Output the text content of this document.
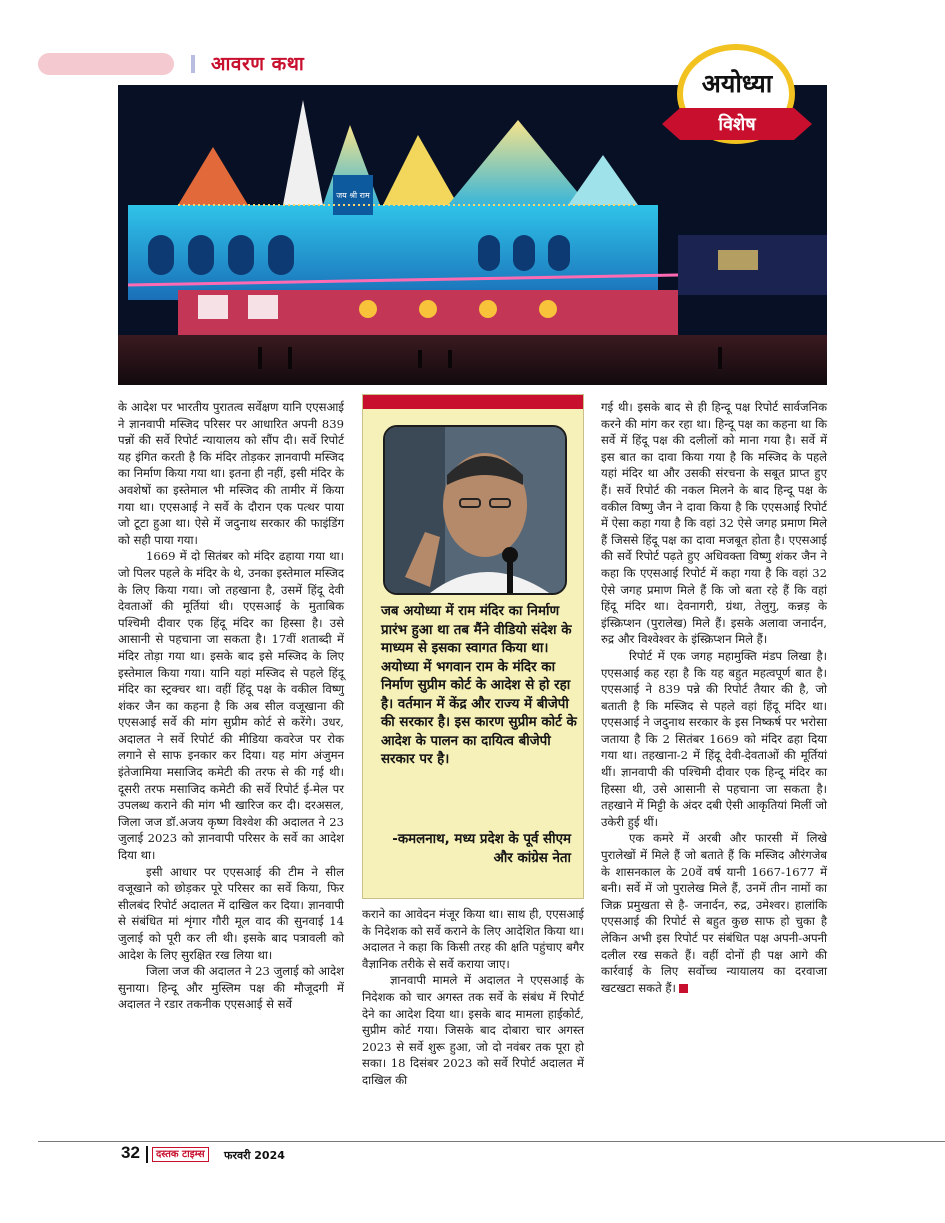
आवरण कथा
जय श्री राम
अयोध्या
विशेष

के आदेश पर भारतीय पुरातत्व सर्वेक्षण यानि एएसआई ने ज्ञानवापी मस्जिद परिसर पर आधारित अपनी 839 पन्नों की सर्वे रिपोर्ट न्यायालय को सौंप दी। सर्वे रिपोर्ट यह इंगित करती है कि मंदिर तोड़कर ज्ञानवापी मस्जिद का निर्माण किया गया था। इतना ही नहीं, इसी मंदिर के अवशेषों का इस्तेमाल भी मस्जिद की तामीर में किया गया था। एएसआई ने सर्वे के दौरान एक पत्थर पाया जो टूटा हुआ था। ऐसे में जदुनाथ सरकार की फाइंडिंग को सही पाया गया।

1669 में दो सितंबर को मंदिर ढहाया गया था। जो पिलर पहले के मंदिर के थे, उनका इस्तेमाल मस्जिद के लिए किया गया। जो तहखाना है, उसमें हिंदू देवी देवताओं की मूर्तियां थी। एएसआई के मुताबिक पश्चिमी दीवार एक हिंदू मंदिर का हिस्सा है। उसे आसानी से पहचाना जा सकता है। 17वीं शताब्दी में मंदिर तोड़ा गया था। इसके बाद इसे मस्जिद के लिए इस्तेमाल किया गया। यानि यहां मस्जिद से पहले हिंदू मंदिर का स्ट्रक्चर था। वहीं हिंदू पक्ष के वकील विष्णु शंकर जैन का कहना है कि अब सील वजूखाना की एएसआई सर्वे की मांग सुप्रीम कोर्ट से करेंगे। उधर, अदालत ने सर्वे रिपोर्ट की मीडिया कवरेज पर रोक लगाने से साफ इनकार कर दिया। यह मांग अंजुमन इंतेजामिया मसाजिद कमेटी की तरफ से की गई थी। दूसरी तरफ मसाजिद कमेटी की सर्वे रिपोर्ट ई-मेल पर उपलब्ध कराने की मांग भी खारिज कर दी। दरअसल, जिला जज डॉ.अजय कृष्ण विश्वेश की अदालत ने 23 जुलाई 2023 को ज्ञानवापी परिसर के सर्वे का आदेश दिया था।

इसी आधार पर एएसआई की टीम ने सील वजूखाने को छोड़कर पूरे परिसर का सर्वे किया, फिर सीलबंद रिपोर्ट अदालत में दाखिल कर दिया। ज्ञानवापी से संबंधित मां शृंगार गौरी मूल वाद की सुनवाई 14 जुलाई को पूरी कर ली थी। इसके बाद पत्रावली को आदेश के लिए सुरक्षित रख लिया था।

जिला जज की अदालत ने 23 जुलाई को आदेश सुनाया। हिन्दू और मुस्लिम पक्ष की मौजूदगी में अदालत ने रडार तकनीक एएसआई से सर्वे

जब अयोध्या में राम मंदिर का निर्माण प्रारंभ हुआ था तब मैंने वीडियो संदेश के माध्यम से इसका स्वागत किया था। अयोध्या में भगवान राम के मंदिर का निर्माण सुप्रीम कोर्ट के आदेश से हो रहा है। वर्तमान में केंद्र और राज्य में बीजेपी की सरकार है। इस कारण सुप्रीम कोर्ट के आदेश के पालन का दायित्व बीजेपी सरकार पर है।
-कमलनाथ, मध्य प्रदेश के पूर्व सीएम और कांग्रेस नेता

कराने का आवेदन मंजूर किया था। साथ ही, एएसआई के निदेशक को सर्वे कराने के लिए आदेशित किया था। अदालत ने कहा कि किसी तरह की क्षति पहुंचाए बगैर वैज्ञानिक तरीके से सर्वे कराया जाए।

ज्ञानवापी मामले में अदालत ने एएसआई के निदेशक को चार अगस्त तक सर्वे के संबंध में रिपोर्ट देने का आदेश दिया था। इसके बाद मामला हाईकोर्ट, सुप्रीम कोर्ट गया। जिसके बाद दोबारा चार अगस्त 2023 से सर्वे शुरू हुआ, जो दो नवंबर तक पूरा हो सका। 18 दिसंबर 2023 को सर्वे रिपोर्ट अदालत में दाखिल की

गई थी। इसके बाद से ही हिन्दू पक्ष रिपोर्ट सार्वजनिक करने की मांग कर रहा था। हिन्दू पक्ष का कहना था कि सर्वे में हिंदू पक्ष की दलीलों को माना गया है। सर्वे में इस बात का दावा किया गया है कि मस्जिद के पहले यहां मंदिर था और उसकी संरचना के सबूत प्राप्त हुए हैं। सर्वे रिपोर्ट की नकल मिलने के बाद हिन्दू पक्ष के वकील विष्णु जैन ने दावा किया है कि एएसआई रिपोर्ट में ऐसा कहा गया है कि वहां 32 ऐसे जगह प्रमाण मिले हैं जिससे हिंदू पक्ष का दावा मजबूत होता है। एएसआई की सर्वे रिपोर्ट पढ़ते हुए अधिवक्ता विष्णु शंकर जैन ने कहा कि एएसआई रिपोर्ट में कहा गया है कि वहां 32 ऐसे जगह प्रमाण मिले हैं कि जो बता रहे हैं कि वहां हिंदू मंदिर था। देवनागरी, ग्रंथा, तेलुगु, कन्नड़ के इंस्क्रिप्शन (पुरालेख) मिले हैं। इसके अलावा जनार्दन, रुद्र और विश्वेश्वर के इंस्क्रिप्शन मिले हैं।

रिपोर्ट में एक जगह महामुक्ति मंडप लिखा है। एएसआई कह रहा है कि यह बहुत महत्वपूर्ण बात है। एएसआई ने 839 पन्ने की रिपोर्ट तैयार की है, जो बताती है कि मस्जिद से पहले वहां हिंदू मंदिर था। एएसआई ने जदुनाथ सरकार के इस निष्कर्ष पर भरोसा जताया है कि 2 सितंबर 1669 को मंदिर ढहा दिया गया था। तहखाना-2 में हिंदू देवी-देवताओं की मूर्तियां थीं। ज्ञानवापी की पश्चिमी दीवार एक हिन्दू मंदिर का हिस्सा थी, उसे आसानी से पहचाना जा सकता है। तहखाने में मिट्टी के अंदर दबी ऐसी आकृतियां मिलीं जो उकेरी हुई थीं।

एक कमरे में अरबी और फारसी में लिखे पुरालेखों में मिले हैं जो बताते हैं कि मस्जिद औरंगजेब के शासनकाल के 20वें वर्ष यानी 1667-1677 में बनी। सर्वे में जो पुरालेख मिले हैं, उनमें तीन नामों का जिक्र प्रमुखता से है- जनार्दन, रुद्र, उमेश्वर। हालांकि एएसआई की रिपोर्ट से बहुत कुछ साफ हो चुका है लेकिन अभी इस रिपोर्ट पर संबंधित पक्ष अपनी-अपनी दलील रख सकते हैं। वहीं दोनों ही पक्ष आगे की कार्रवाई के लिए सर्वोच्च न्यायालय का दरवाजा खटखटा सकते हैं।

32	दस्तक टाइम्स	फरवरी 2024
